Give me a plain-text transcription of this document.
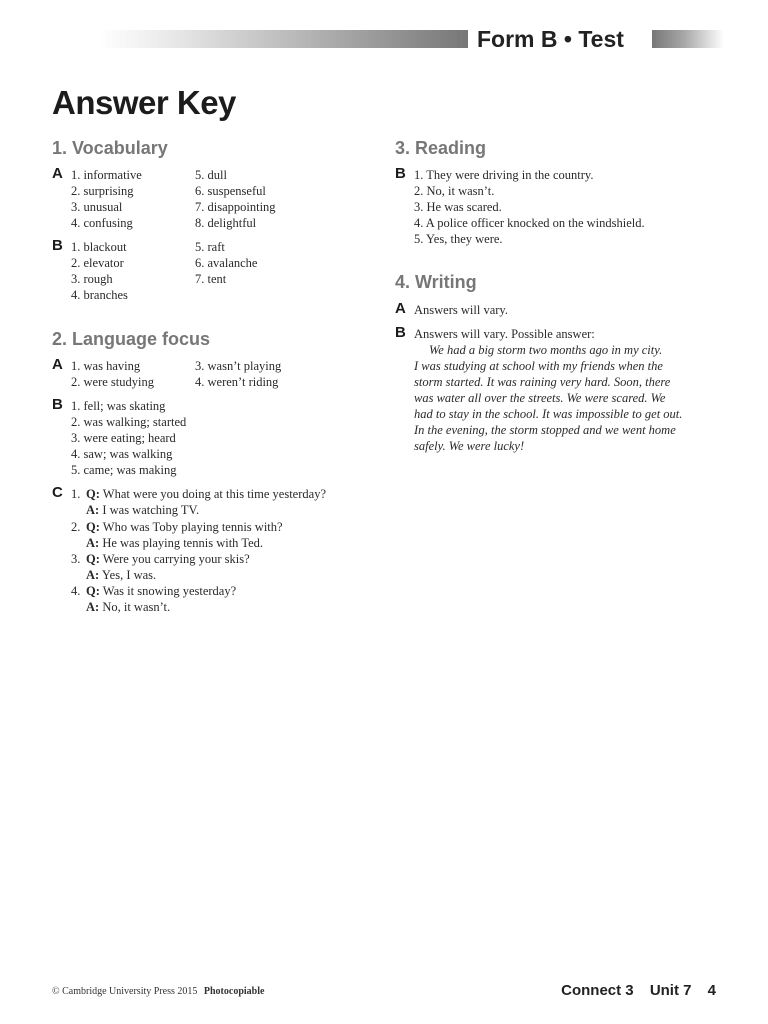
Form B • Test
Answer Key
1. Vocabulary
A 1. informative
2. surprising
3. unusual
4. confusing
5. dull
6. suspenseful
7. disappointing
8. delightful
B 1. blackout
2. elevator
3. rough
4. branches
5. raft
6. avalanche
7. tent
2. Language focus
A 1. was having
2. were studying
3. wasn’t playing
4. weren’t riding
B 1. fell; was skating
2. was walking; started
3. were eating; heard
4. saw; was walking
5. came; was making
C 1. Q: What were you doing at this time yesterday?
A: I was watching TV.
2. Q: Who was Toby playing tennis with?
A: He was playing tennis with Ted.
3. Q: Were you carrying your skis?
A: Yes, I was.
4. Q: Was it snowing yesterday?
A: No, it wasn’t.
3. Reading
B 1. They were driving in the country.
2. No, it wasn’t.
3. He was scared.
4. A police officer knocked on the windshield.
5. Yes, they were.
4. Writing
A Answers will vary.
B Answers will vary. Possible answer:
We had a big storm two months ago in my city.
I was studying at school with my friends when the
storm started. It was raining very hard. Soon, there
was water all over the streets. We were scared. We
had to stay in the school. It was impossible to get out.
In the evening, the storm stopped and we went home
safely. We were lucky!
© Cambridge University Press 2015 Photocopiable	Connect 3 Unit 7 4
